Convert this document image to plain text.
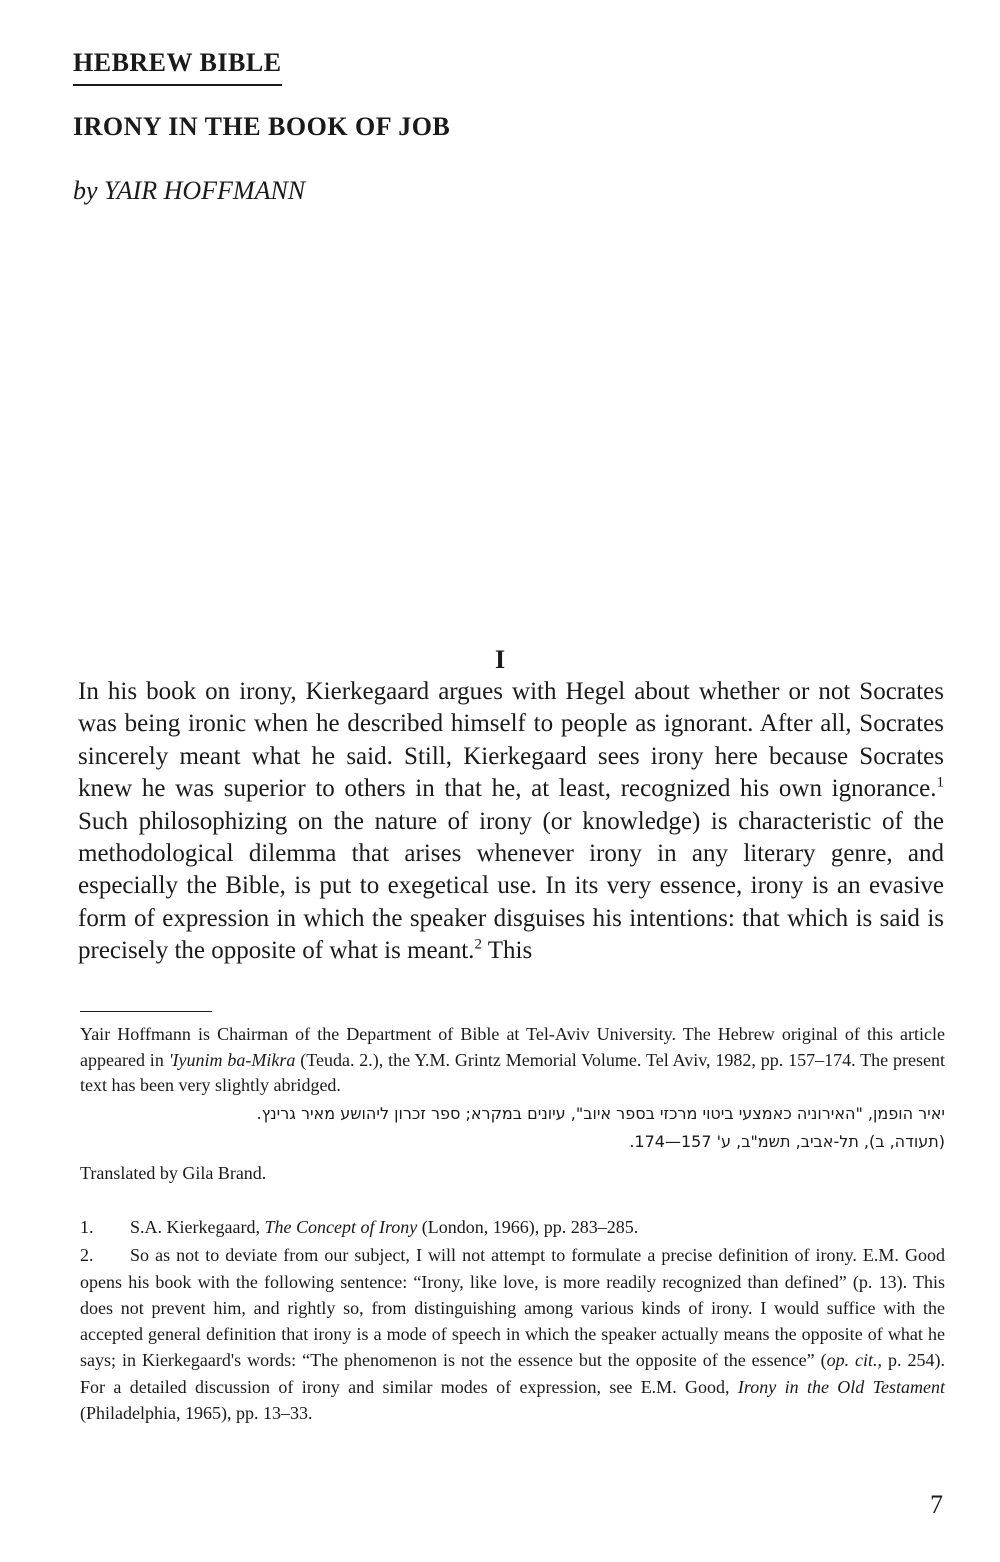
HEBREW BIBLE
IRONY IN THE BOOK OF JOB

by YAIR HOFFMANN

I

In his book on irony, Kierkegaard argues with Hegel about whether or not Socrates was being ironic when he described himself to people as ignorant. After all, Socrates sincerely meant what he said. Still, Kierkegaard sees irony here because Socrates knew he was superior to others in that he, at least, recognized his own ignorance.$^1$ Such philosophizing on the nature of irony (or knowledge) is characteristic of the methodological dilemma that arises whenever irony in any literary genre, and especially the Bible, is put to exegetical use. In its very essence, irony is an evasive form of expression in which the speaker disguises his intentions: that which is said is precisely the opposite of what is meant.$^2$ This

Yair Hoffmann is Chairman of the Department of Bible at Tel-Aviv University. The Hebrew original of this article appeared in 'Iyunim ba-Mikra (Teuda. 2.), the Y.M. Grintz Memorial Volume. Tel Aviv, 1982, pp. 157–174. The present text has been very slightly abridged.

יאיר הופמן, "האירוניה כאמצעי ביטוי מרכזי בספר איוב", עיונים במקרא; ספר זכרון ליהושע מאיר גרינץ.
(תעודה, ב), תל-אביב, תשמ"ב, ע' 157—174.

Translated by Gila Brand.

1. S.A. Kierkegaard, The Concept of Irony (London, 1966), pp. 283–285.
2. So as not to deviate from our subject, I will not attempt to formulate a precise definition of irony. E.M. Good opens his book with the following sentence: “Irony, like love, is more readily recognized than defined” (p. 13). This does not prevent him, and rightly so, from distinguishing among various kinds of irony. I would suffice with the accepted general definition that irony is a mode of speech in which the speaker actually means the opposite of what he says; in Kierkegaard's words: “The phenomenon is not the essence but the opposite of the essence” (op. cit., p. 254). For a detailed discussion of irony and similar modes of expression, see E.M. Good, Irony in the Old Testament (Philadelphia, 1965), pp. 13–33.

7
